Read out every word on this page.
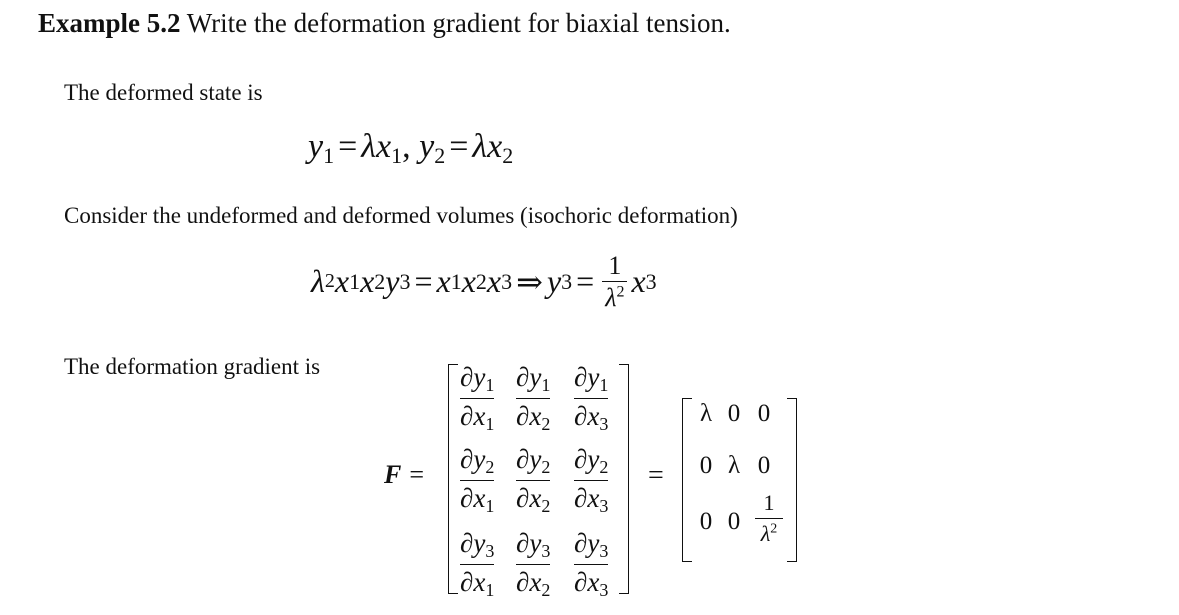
Example 5.2 Write the deformation gradient for biaxial tension.
The deformed state is
$y_1 = \lambda x_1$, $y_2 = \lambda x_2$
Consider the undeformed and deformed volumes (isochoric deformation)
λ 2 x 1 x 2 y 3 = x 1 x 2 x 3 ⇒ y $3 = \frac{1}{\lambda^2}$ x 3
The deformation gradient is
F =
$\partial y_1$
$\partial x_1$
$\partial y_1$
$\partial x_2$
$\partial y_1$
$\partial x_3$
$\partial y_2$
$\partial x_1$
$\partial y_2$
$\partial x_2$
$\partial y_2$
$\partial x_3$
$\partial y_3$
$\partial x_1$
$\partial y_3$
$\partial x_2$
$\partial y_3$
$\partial x_3$
=
λ 0 0
0 λ 0
0 0
1
$\lambda^2$
